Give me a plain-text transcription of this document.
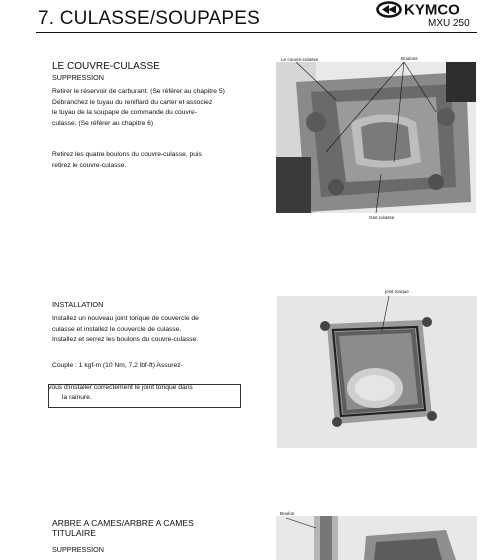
7. CULASSE/SOUPAPES	KYMCO
MXU 250
LE COUVRE-CULASSE
SUPPRESSION
Retirer le réservoir de carburant. (Se référer au chapitre 5)
Débranchez le tuyau du reniflard du carter et associez
le tuyau de la soupape de commande du couvre-
culasse. (Se référer au chapitre 6)
Retirez les quatre boulons du couvre-culasse, puis
retirez le couvre-culasse.
Le couvre-culasse	Boulons
Gas culasse
INSTALLATION
Installez un nouveau joint torique de couvercle de
culasse et installez le couvercle de culasse.
Installez et serrez les boulons du couvre-culasse.
Couple : 1 kgf-m (10 Nm, 7,2 lbf-ft) Assurez-
vous d'installer correctement le joint torique dans
la rainure.
joint torique
ARBRE A CAMES/ARBRE A CAMES
TITULAIRE
SUPPRESSION
Boulon
